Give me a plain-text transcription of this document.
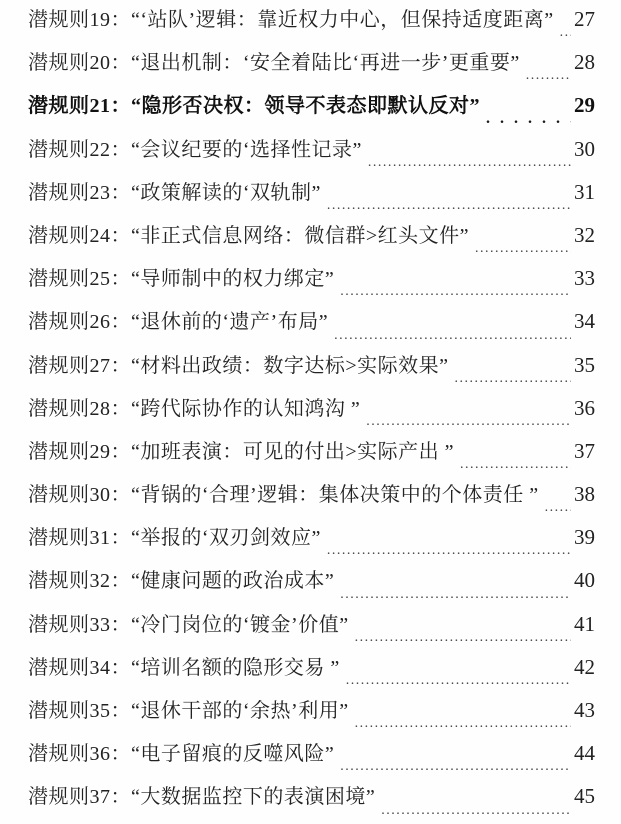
潜规则19：“‘站队’逻辑：靠近权力中心，但保持适度距离” ..... 27
潜规则20：“退出机制：‘安全着陆比‘再进一步’更重要” .....	28
潜规则21：“隐形否决权：领导不表态即默认反对” . . .	29
潜规则22：“会议纪要的‘选择性记录” .....	30
潜规则23：“政策解读的‘双轨制” .....	31
潜规则24：“非正式信息网络：微信群>红头文件” .....	32
潜规则25：“导师制中的权力绑定” .....	33
潜规则26：“退休前的‘遗产’布局” .....	34
潜规则27：“材料出政绩：数字达标>实际效果” .....	35
潜规则28：“跨代际协作的认知鸿沟 ” .....	36
潜规则29：“加班表演：可见的付出>实际产出 ” .....	37
潜规则30：“背锅的‘合理’逻辑：集体决策中的个体责任 ” ..... 38
潜规则31：“举报的‘双刃剑效应” .....	39
潜规则32：“健康问题的政治成本” .....	40
潜规则33：“冷门岗位的‘镀金’价值” .....	41
潜规则34：“培训名额的隐形交易 ” .....	42
潜规则35：“退休干部的‘余热’利用” .....	43
潜规则36：“电子留痕的反噬风险” .....	44
潜规则37：“大数据监控下的表演困境” .....	45
